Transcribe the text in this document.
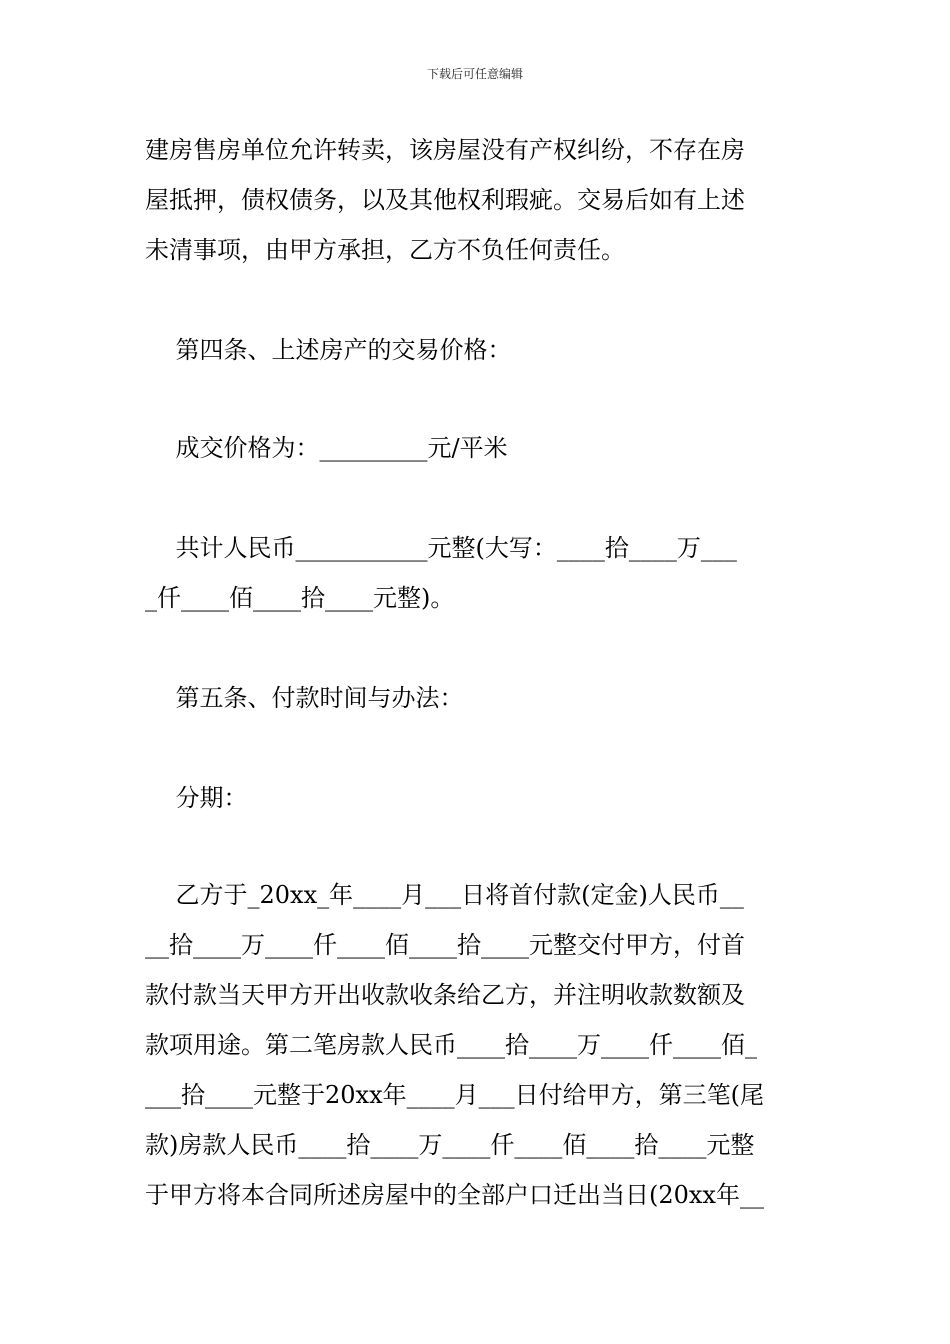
下载后可任意编辑
建房售房单位允许转卖，该房屋没有产权纠纷，不存在房
屋抵押，债权债务，以及其他权利瑕疵。交易后如有上述
未清事项，由甲方承担，乙方不负任何责任。
第四条、上述房产的交易价格：
成交价格为：_________元/平米
共计人民币___________元整(大写：____拾____万___
_仟____佰____拾____元整)。
第五条、付款时间与办法：
分期：
乙方于_20xx_年____月___日将首付款(定金)人民币__
__拾____万____仟____佰____拾____元整交付甲方，付首
款付款当天甲方开出收款收条给乙方，并注明收款数额及
款项用途。第二笔房款人民币____拾____万____仟____佰_
___拾____元整于20xx年____月___日付给甲方，第三笔(尾
款)房款人民币____拾____万____仟____佰____拾____元整
于甲方将本合同所述房屋中的全部户口迁出当日(20xx年__
